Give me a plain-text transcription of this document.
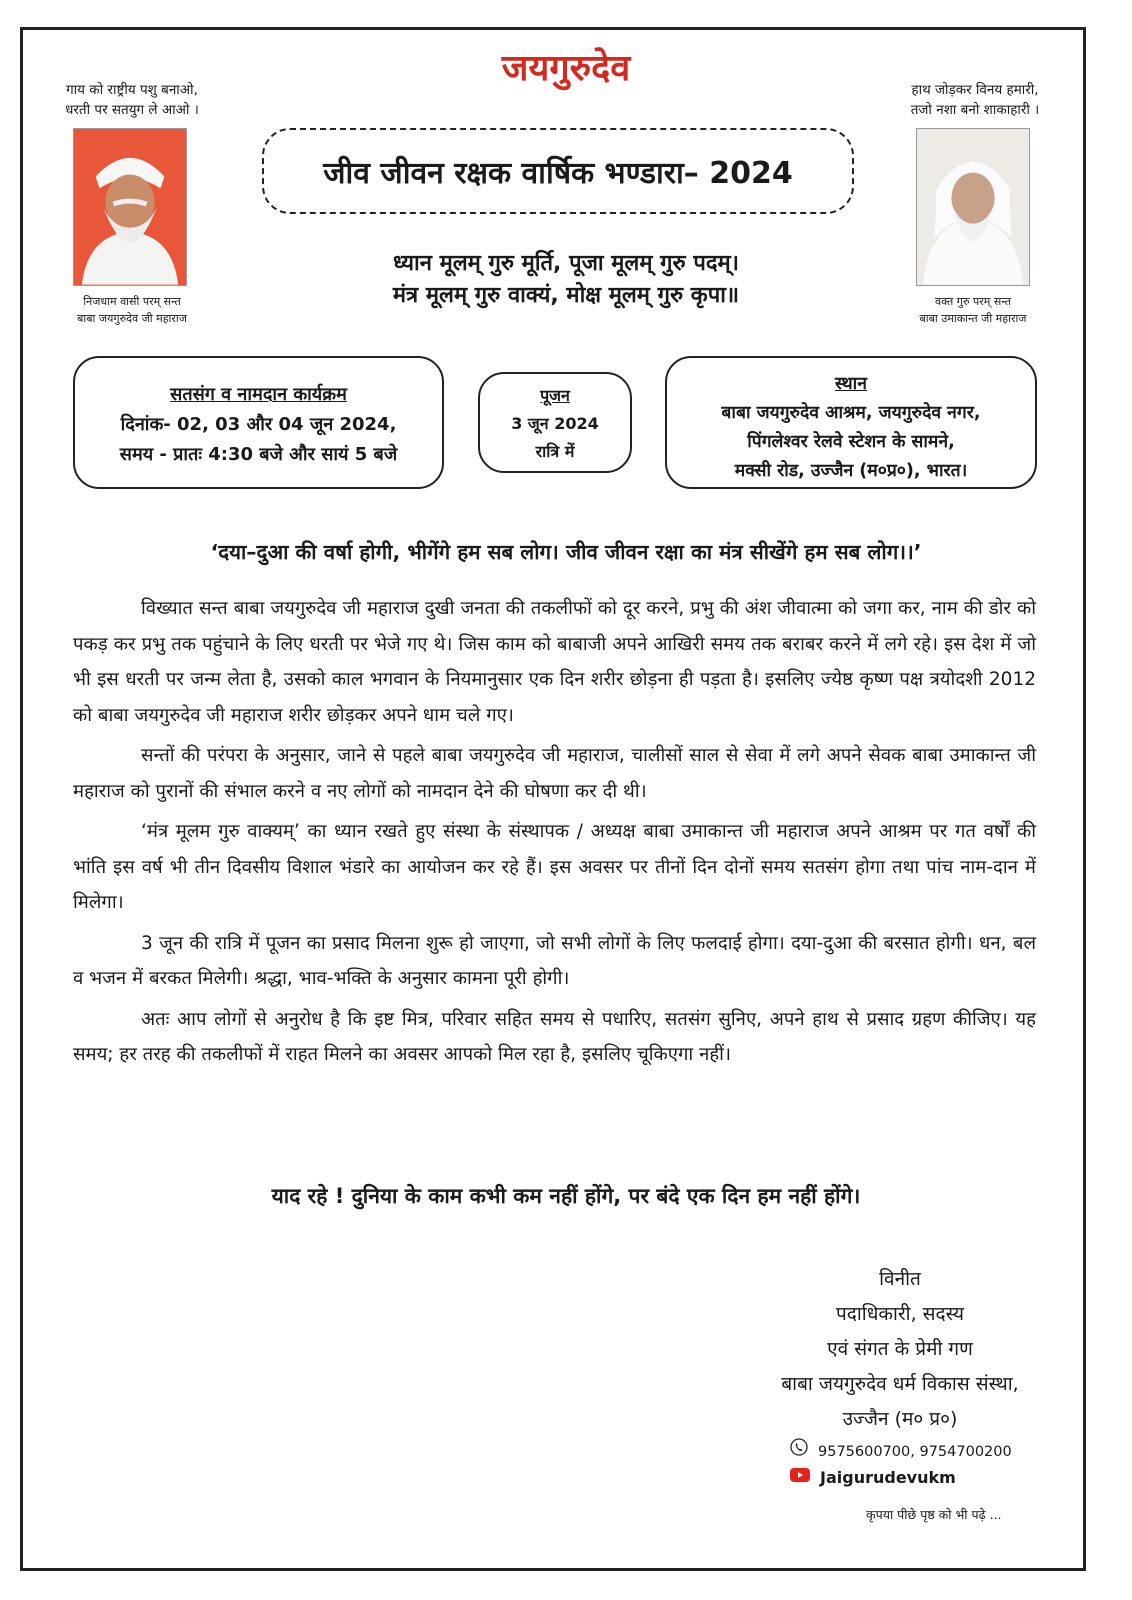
जयगुरुदेव
गाय को राष्ट्रीय पशु बनाओ,
धरती पर सतयुग ले आओ ।
हाथ जोड़कर विनय हमारी,
तजो नशा बनो शाकाहारी ।
निजधाम वासी परम् सन्त
बाबा जयगुरुदेव जी महाराज
वक्त गुरु परम् सन्त
बाबा उमाकान्त जी महाराज
जीव जीवन रक्षक वार्षिक भण्डारा– 2024
ध्यान मूलम् गुरु मूर्ति, पूजा मूलम् गुरु पदम्।
मंत्र मूलम् गुरु वाक्यं, मोक्ष मूलम् गुरु कृपा॥
सतसंग व नामदान कार्यक्रम
दिनांक- 02, 03 और 04 जून 2024,
समय - प्रातः 4:30 बजे और सायं 5 बजे
पूजन
3 जून 2024
रात्रि में
स्थान
बाबा जयगुरुदेव आश्रम, जयगुरुदेव नगर,
पिंगलेश्वर रेलवे स्टेशन के सामने,
मक्सी रोड, उज्जैन (म०प्र०), भारत।
‘दया–दुआ की वर्षा होगी, भीगेंगे हम सब लोग। जीव जीवन रक्षा का मंत्र सीखेंगे हम सब लोग।।’

विख्यात सन्त बाबा जयगुरुदेव जी महाराज दुखी जनता की तकलीफों को दूर करने, प्रभु की अंश जीवात्मा को जगा कर, नाम की डोर को पकड़ कर प्रभु तक पहुंचाने के लिए धरती पर भेजे गए थे। जिस काम को बाबाजी अपने आखिरी समय तक बराबर करने में लगे रहे। इस देश में जो भी इस धरती पर जन्म लेता है, उसको काल भगवान के नियमानुसार एक दिन शरीर छोड़ना ही पड़ता है। इसलिए ज्येष्ठ कृष्ण पक्ष त्रयोदशी 2012 को बाबा जयगुरुदेव जी महाराज शरीर छोड़कर अपने धाम चले गए।

सन्तों की परंपरा के अनुसार, जाने से पहले बाबा जयगुरुदेव जी महाराज, चालीसों साल से सेवा में लगे अपने सेवक बाबा उमाकान्त जी महाराज को पुरानों की संभाल करने व नए लोगों को नामदान देने की घोषणा कर दी थी।

‘मंत्र मूलम गुरु वाक्यम्’ का ध्यान रखते हुए संस्था के संस्थापक / अध्यक्ष बाबा उमाकान्त जी महाराज अपने आश्रम पर गत वर्षों की भांति इस वर्ष भी तीन दिवसीय विशाल भंडारे का आयोजन कर रहे हैं। इस अवसर पर तीनों दिन दोनों समय सतसंग होगा तथा पांच नाम-दान में मिलेगा।

3 जून की रात्रि में पूजन का प्रसाद मिलना शुरू हो जाएगा, जो सभी लोगों के लिए फलदाई होगा। दया-दुआ की बरसात होगी। धन, बल व भजन में बरकत मिलेगी। श्रद्धा, भाव-भक्ति के अनुसार कामना पूरी होगी।

अतः आप लोगों से अनुरोध है कि इष्ट मित्र, परिवार सहित समय से पधारिए, सतसंग सुनिए, अपने हाथ से प्रसाद ग्रहण कीजिए। यह समय; हर तरह की तकलीफों में राहत मिलने का अवसर आपको मिल रहा है, इसलिए चूकिएगा नहीं।

याद रहे ! दुनिया के काम कभी कम नहीं होंगे, पर बंदे एक दिन हम नहीं होंगे।
विनीत
पदाधिकारी, सदस्य
एवं संगत के प्रेमी गण
बाबा जयगुरुदेव धर्म विकास संस्था,
उज्जैन (म० प्र०)
9575600700, 9754700200
Jaigurudevukm
कृपया पीछे पृष्ठ को भी पढ़े ...
